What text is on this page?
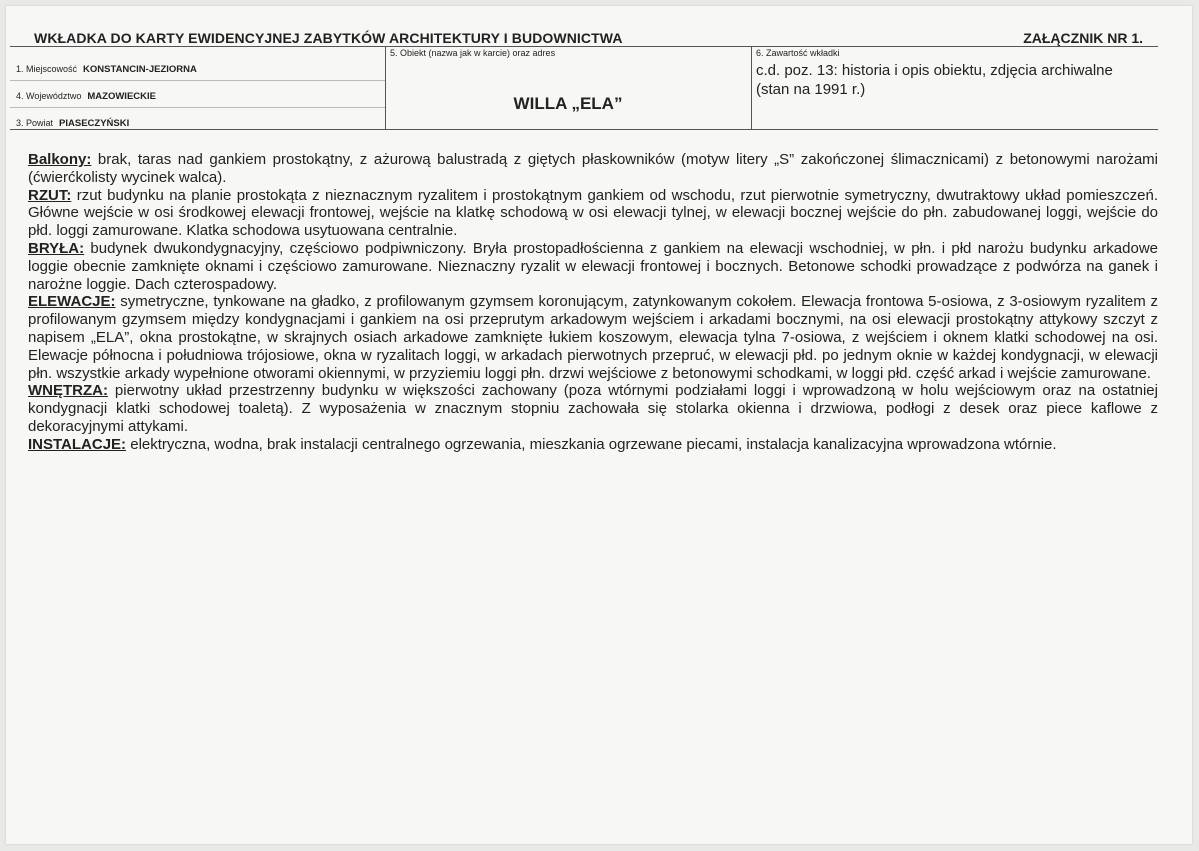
WKŁADKA DO KARTY EWIDENCYJNEJ ZABYTKÓW ARCHITEKTURY I BUDOWNICTWA	ZAŁĄCZNIK NR 1.
1. Miejscowość KONSTANCIN-JEZIORNA
4. Województwo MAZOWIECKIE
3. Powiat PIASECZYŃSKI
5. Obiekt (nazwa jak w karcie) oraz adres
WILLA „ELA”
6. Zawartość wkładki
c.d. poz. 13: historia i opis obiektu, zdjęcia archiwalne (stan na 1991 r.)

Balkony: brak, taras nad gankiem prostokątny, z ażurową balustradą z giętych płaskowników (motyw litery „S” zakończonej ślimacznicami) z betonowymi narożami (ćwierćkolisty wycinek walca).

RZUT: rzut budynku na planie prostokąta z nieznacznym ryzalitem i prostokątnym gankiem od wschodu, rzut pierwotnie symetryczny, dwutraktowy układ pomieszczeń. Główne wejście w osi środkowej elewacji frontowej, wejście na klatkę schodową w osi elewacji tylnej, w elewacji bocznej wejście do płn. zabudowanej loggi, wejście do płd. loggi zamurowane. Klatka schodowa usytuowana centralnie.

BRYŁA: budynek dwukondygnacyjny, częściowo podpiwniczony. Bryła prostopadłościenna z gankiem na elewacji wschodniej, w płn. i płd narożu budynku arkadowe loggie obecnie zamknięte oknami i częściowo zamurowane. Nieznaczny ryzalit w elewacji frontowej i bocznych. Betonowe schodki prowadzące z podwórza na ganek i narożne loggie. Dach czterospadowy.

ELEWACJE: symetryczne, tynkowane na gładko, z profilowanym gzymsem koronującym, zatynkowanym cokołem. Elewacja frontowa 5-osiowa, z 3-osiowym ryzalitem z profilowanym gzymsem między kondygnacjami i gankiem na osi przeprutym arkadowym wejściem i arkadami bocznymi, na osi elewacji prostokątny attykowy szczyt z napisem „ELA”, okna prostokątne, w skrajnych osiach arkadowe zamknięte łukiem koszowym, elewacja tylna 7-osiowa, z wejściem i oknem klatki schodowej na osi. Elewacje północna i południowa trójosiowe, okna w ryzalitach loggi, w arkadach pierwotnych przepruć, w elewacji płd. po jednym oknie w każdej kondygnacji, w elewacji płn. wszystkie arkady wypełnione otworami okiennymi, w przyziemiu loggi płn. drzwi wejściowe z betonowymi schodkami, w loggi płd. część arkad i wejście zamurowane.

WNĘTRZA: pierwotny układ przestrzenny budynku w większości zachowany (poza wtórnymi podziałami loggi i wprowadzoną w holu wejściowym oraz na ostatniej kondygnacji klatki schodowej toaletą). Z wyposażenia w znacznym stopniu zachowała się stolarka okienna i drzwiowa, podłogi z desek oraz piece kaflowe z dekoracyjnymi attykami.

INSTALACJE: elektryczna, wodna, brak instalacji centralnego ogrzewania, mieszkania ogrzewane piecami, instalacja kanalizacyjna wprowadzona wtórnie.
